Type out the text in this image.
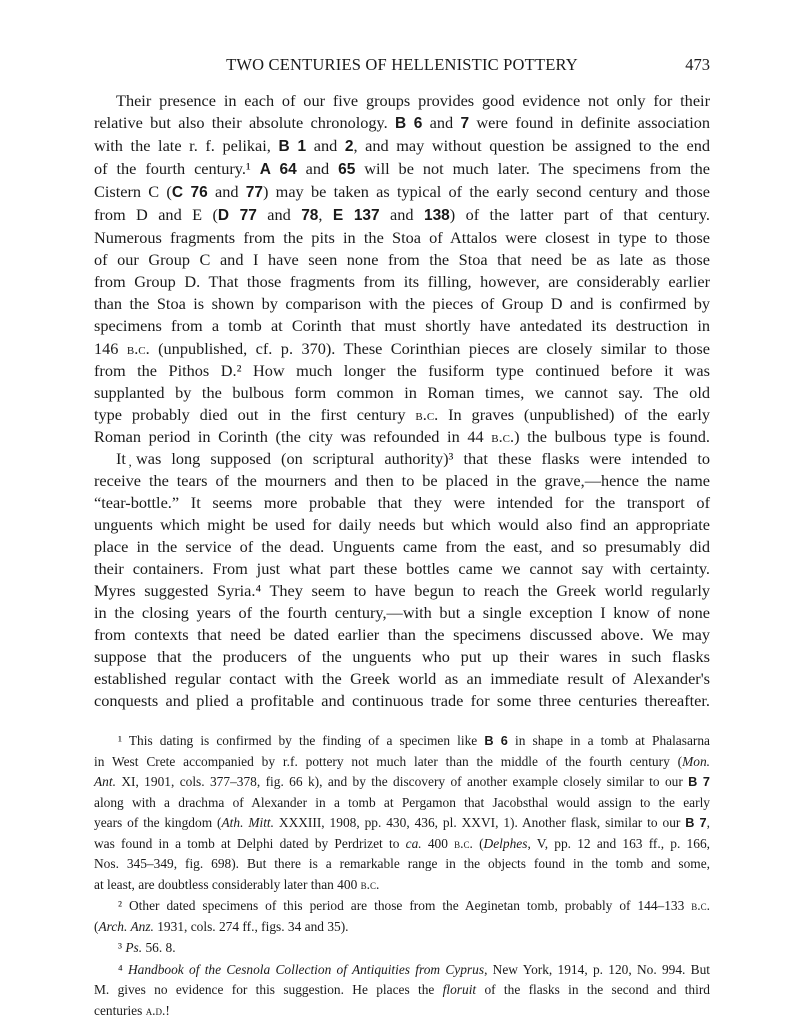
TWO CENTURIES OF HELLENISTIC POTTERY	473
Their presence in each of our five groups provides good evidence not only for their
relative but also their absolute chronology. B 6 and 7 were found in definite association
with the late r. f. pelikai, B 1 and 2, and may without question be assigned to the end
of the fourth century.¹ A 64 and 65 will be not much later. The specimens from the
Cistern C (C 76 and 77) may be taken as typical of the early second century and those
from D and E (D 77 and 78, E 137 and 138) of the latter part of that century.
Numerous fragments from the pits in the Stoa of Attalos were closest in type to those
of our Group C and I have seen none from the Stoa that need be as late as those
from Group D. That those fragments from its filling, however, are considerably earlier
than the Stoa is shown by comparison with the pieces of Group D and is confirmed by
specimens from a tomb at Corinth that must shortly have antedated its destruction in
146 b.c. (unpublished, cf. p. 370). These Corinthian pieces are closely similar to those
from the Pithos D.² How much longer the fusiform type continued before it was
supplanted by the bulbous form common in Roman times, we cannot say. The old
type probably died out in the first century b.c. In graves (unpublished) of the early
Roman period in Corinth (the city was refounded in 44 b.c.) the bulbous type is found.
It ̦was long supposed (on scriptural authority)³ that these flasks were intended to
receive the tears of the mourners and then to be placed in the grave,—hence the name
“tear-bottle.” It seems more probable that they were intended for the transport of
unguents which might be used for daily needs but which would also find an appropriate
place in the service of the dead. Unguents came from the east, and so presumably did
their containers. From just what part these bottles came we cannot say with certainty.
Myres suggested Syria.⁴ They seem to have begun to reach the Greek world regularly
in the closing years of the fourth century,—with but a single exception I know of none
from contexts that need be dated earlier than the specimens discussed above. We may
suppose that the producers of the unguents who put up their wares in such flasks
established regular contact with the Greek world as an immediate result of Alexander's
conquests and plied a profitable and continuous trade for some three centuries thereafter.
¹ This dating is confirmed by the finding of a specimen like B 6 in shape in a tomb at Phalasarna
in West Crete accompanied by r.f. pottery not much later than the middle of the fourth century (Mon.
Ant. XI, 1901, cols. 377–378, fig. 66 k), and by the discovery of another example closely similar to our B 7
along with a drachma of Alexander in a tomb at Pergamon that Jacobsthal would assign to the early
years of the kingdom (Ath. Mitt. XXXIII, 1908, pp. 430, 436, pl. XXVI, 1). Another flask, similar to our B 7,
was found in a tomb at Delphi dated by Perdrizet to ca. 400 b.c. (Delphes, V, pp. 12 and 163 ff., p. 166,
Nos. 345–349, fig. 698). But there is a remarkable range in the objects found in the tomb and some,
at least, are doubtless considerably later than 400 b.c.
² Other dated specimens of this period are those from the Aeginetan tomb, probably of 144–133 b.c.
(Arch. Anz. 1931, cols. 274 ff., figs. 34 and 35).
³ Ps. 56. 8.
⁴ Handbook of the Cesnola Collection of Antiquities from Cyprus, New York, 1914, p. 120, No. 994. But
M. gives no evidence for this suggestion. He places the floruit of the flasks in the second and third
centuries a.d.!
